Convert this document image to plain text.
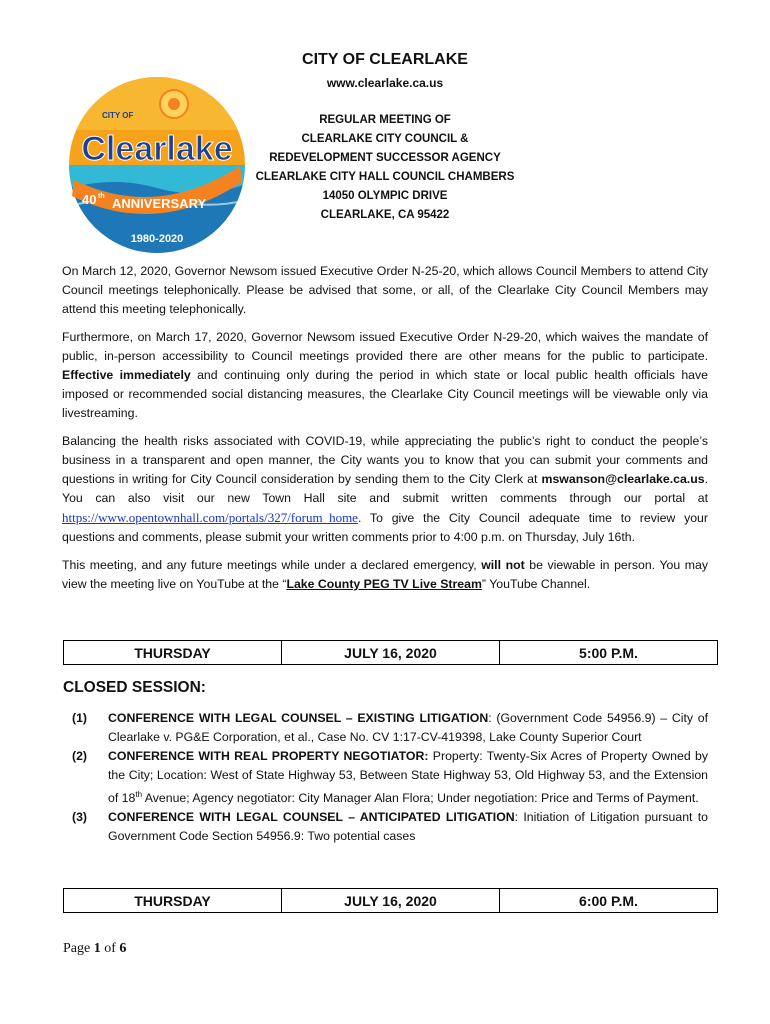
CITY OF
Clearlake
40 th ANNIVERSARY
1980-2020
CITY OF CLEARLAKE
www.clearlake.ca.us
REGULAR MEETING OF
CLEARLAKE CITY COUNCIL &
REDEVELOPMENT SUCCESSOR AGENCY
CLEARLAKE CITY HALL COUNCIL CHAMBERS
14050 OLYMPIC DRIVE
CLEARLAKE, CA 95422

On March 12, 2020, Governor Newsom issued Executive Order N-25-20, which allows Council Members to attend City Council meetings telephonically. Please be advised that some, or all, of the Clearlake City Council Members may attend this meeting telephonically.

Furthermore, on March 17, 2020, Governor Newsom issued Executive Order N-29-20, which waives the mandate of public, in-person accessibility to Council meetings provided there are other means for the public to participate. Effective immediately and continuing only during the period in which state or local public health officials have imposed or recommended social distancing measures, the Clearlake City Council meetings will be viewable only via livestreaming.

Balancing the health risks associated with COVID-19, while appreciating the public’s right to conduct the people’s business in a transparent and open manner, the City wants you to know that you can submit your comments and questions in writing for City Council consideration by sending them to the City Clerk at mswanson@clearlake.ca.us. You can also visit our new Town Hall site and submit written comments through our portal at https://www.opentownhall.com/portals/327/forum_home. To give the City Council adequate time to review your questions and comments, please submit your written comments prior to 4:00 p.m. on Thursday, July 16th.

This meeting, and any future meetings while under a declared emergency, will not be viewable in person. You may view the meeting live on YouTube at the “Lake County PEG TV Live Stream” YouTube Channel.

THURSDAY	JULY 16, 2020	5:00 P.M.
CLOSED SESSION:
(1) CONFERENCE WITH LEGAL COUNSEL – EXISTING LITIGATION: (Government Code 54956.9) – City of Clearlake v. PG&E Corporation, et al., Case No. CV 1:17-CV-419398, Lake County Superior Court
(2) CONFERENCE WITH REAL PROPERTY NEGOTIATOR: Property: Twenty-Six Acres of Property Owned by the City; Location: West of State Highway 53, Between State Highway 53, Old Highway 53, and the Extension of 18th Avenue; Agency negotiator: City Manager Alan Flora; Under negotiation: Price and Terms of Payment.
(3) CONFERENCE WITH LEGAL COUNSEL – ANTICIPATED LITIGATION: Initiation of Litigation pursuant to Government Code Section 54956.9: Two potential cases
THURSDAY	JULY 16, 2020	6:00 P.M.
Page 1 of 6
